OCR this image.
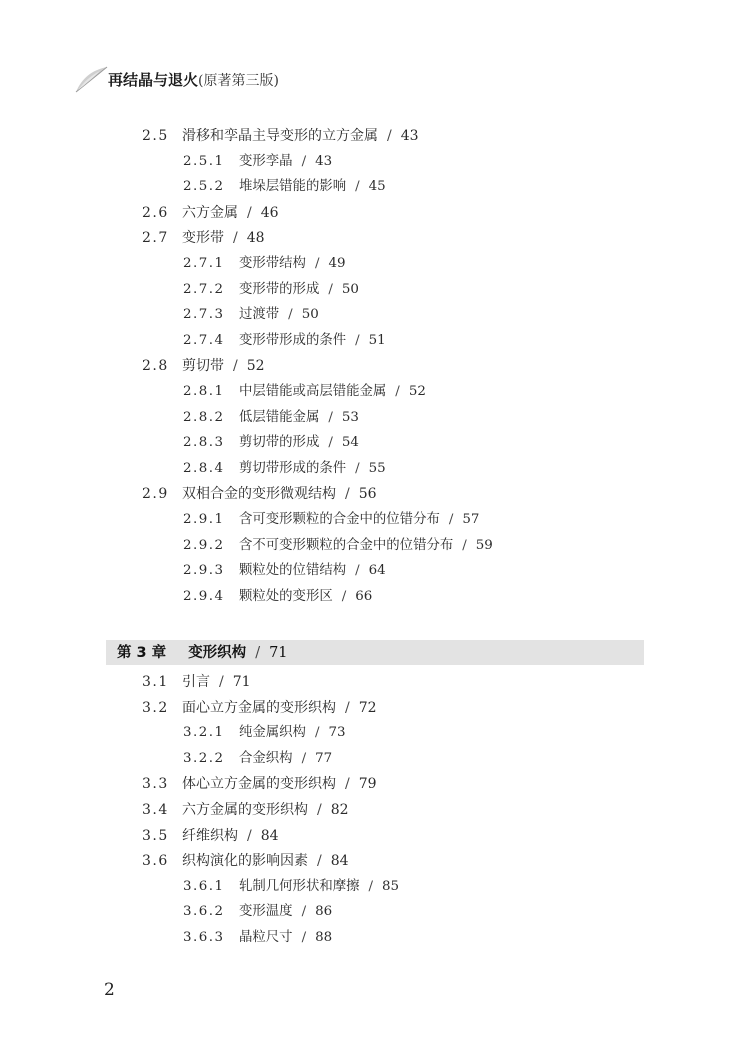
再结晶与退火(原著第三版)
2.5 滑移和孪晶主导变形的立方金属 / 43
2.5.1 变形孪晶 / 43
2.5.2 堆垛层错能的影响 / 45
2.6 六方金属 / 46
2.7 变形带 / 48
2.7.1 变形带结构 / 49
2.7.2 变形带的形成 / 50
2.7.3 过渡带 / 50
2.7.4 变形带形成的条件 / 51
2.8 剪切带 / 52
2.8.1 中层错能或高层错能金属 / 52
2.8.2 低层错能金属 / 53
2.8.3 剪切带的形成 / 54
2.8.4 剪切带形成的条件 / 55
2.9 双相合金的变形微观结构 / 56
2.9.1 含可变形颗粒的合金中的位错分布 / 57
2.9.2 含不可变形颗粒的合金中的位错分布 / 59
2.9.3 颗粒处的位错结构 / 64
2.9.4 颗粒处的变形区 / 66
第 3 章 变形织构 / 71
3.1 引言 / 71
3.2 面心立方金属的变形织构 / 72
3.2.1 纯金属织构 / 73
3.2.2 合金织构 / 77
3.3 体心立方金属的变形织构 / 79
3.4 六方金属的变形织构 / 82
3.5 纤维织构 / 84
3.6 织构演化的影响因素 / 84
3.6.1 轧制几何形状和摩擦 / 85
3.6.2 变形温度 / 86
3.6.3 晶粒尺寸 / 88
2
